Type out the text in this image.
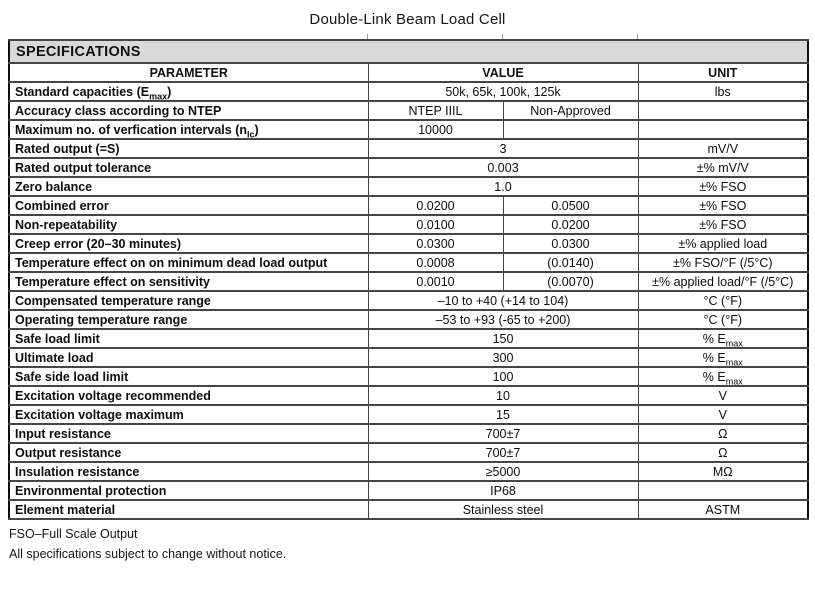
Double-Link Beam Load Cell
SPECIFICATIONS			
PARAMETER	VALUE		UNIT
Standard capacities $(E_{max})$	50k, 65k, 100k, 125k		lbs
Accuracy class according to NTEP	NTEP IIIL	Non-Approved	
Maximum no. of verfication intervals $(n_{lc})$	10000		
Rated output (=S)	3		mV/V
Rated output tolerance	0.003		±% mV/V
Zero balance	1.0		±% FSO
Combined error	0.0200	0.0500	±% FSO
Non-repeatability	0.0100	0.0200	±% FSO
Creep error (20–30 minutes)	0.0300	0.0300	±% applied load
Temperature effect on on minimum dead load output	0.0008	(0.0140)	±% FSO/°F (/5°C)
Temperature effect on sensitivity	0.0010	(0.0070)	±% applied load/°F (/5°C)
Compensated temperature range	–10 to +40 (+14 to 104)		°C (°F)
Operating temperature range	–53 to +93 (-65 to +200)		°C (°F)
Safe load limit	150		% $E_{max}$
Ultimate load	300		% $E_{max}$
Safe side load limit	100		% $E_{max}$
Excitation voltage recommended	10		V
Excitation voltage maximum	15		V
Input resistance	700±7		Ω
Output resistance	700±7		Ω
Insulation resistance	≥5000		MΩ
Environmental protection	IP68		
Element material	Stainless steel		ASTM
FSO–Full Scale Output
All specifications subject to change without notice.
